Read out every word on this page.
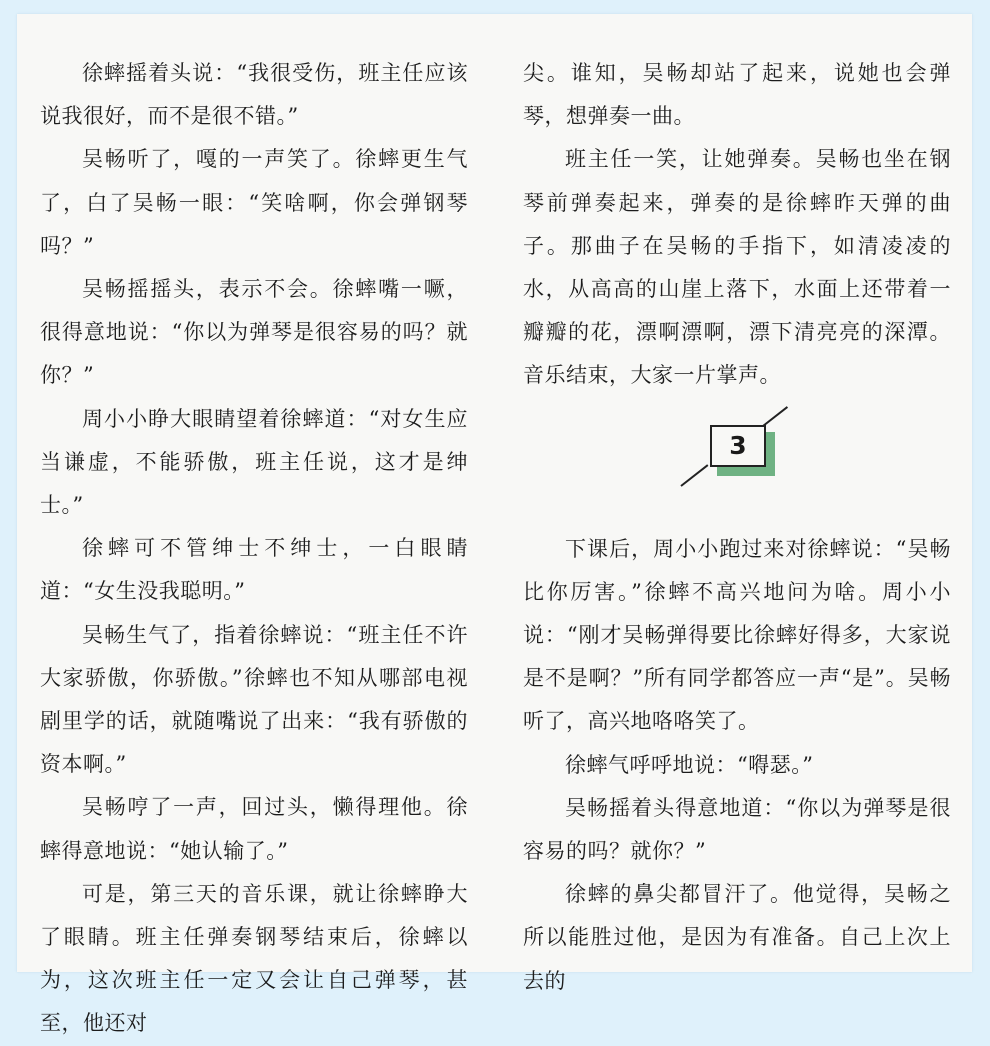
徐蟀摇着头说：“我很受伤，班主任应该说我很好，而不是很不错。”

吴畅听了，嘎的一声笑了。徐蟀更生气了，白了吴畅一眼：“笑啥啊，你会弹钢琴吗？”

吴畅摇摇头，表示不会。徐蟀嘴一噘，很得意地说：“你以为弹琴是很容易的吗？就你？”

周小小睁大眼睛望着徐蟀道：“对女生应当谦虚，不能骄傲，班主任说，这才是绅士。”

徐蟀可不管绅士不绅士，一白眼睛道：“女生没我聪明。”

吴畅生气了，指着徐蟀说：“班主任不许大家骄傲，你骄傲。”徐蟀也不知从哪部电视剧里学的话，就随嘴说了出来：“我有骄傲的资本啊。”

吴畅哼了一声，回过头，懒得理他。徐蟀得意地说：“她认输了。”

可是，第三天的音乐课，就让徐蟀睁大了眼睛。班主任弹奏钢琴结束后，徐蟀以为，这次班主任一定又会让自己弹琴，甚至，他还对

尖。谁知，吴畅却站了起来，说她也会弹琴，想弹奏一曲。

班主任一笑，让她弹奏。吴畅也坐在钢琴前弹奏起来，弹奏的是徐蟀昨天弹的曲子。那曲子在吴畅的手指下，如清凌凌的水，从高高的山崖上落下，水面上还带着一瓣瓣的花，漂啊漂啊，漂下清亮亮的深潭。音乐结束，大家一片掌声。

3

下课后，周小小跑过来对徐蟀说：“吴畅比你厉害。”徐蟀不高兴地问为啥。周小小说：“刚才吴畅弹得要比徐蟀好得多，大家说是不是啊？”所有同学都答应一声“是”。吴畅听了，高兴地咯咯笑了。

徐蟀气呼呼地说：“嘚瑟。”

吴畅摇着头得意地道：“你以为弹琴是很容易的吗？就你？”

徐蟀的鼻尖都冒汗了。他觉得，吴畅之所以能胜过他，是因为有准备。自己上次上去的
